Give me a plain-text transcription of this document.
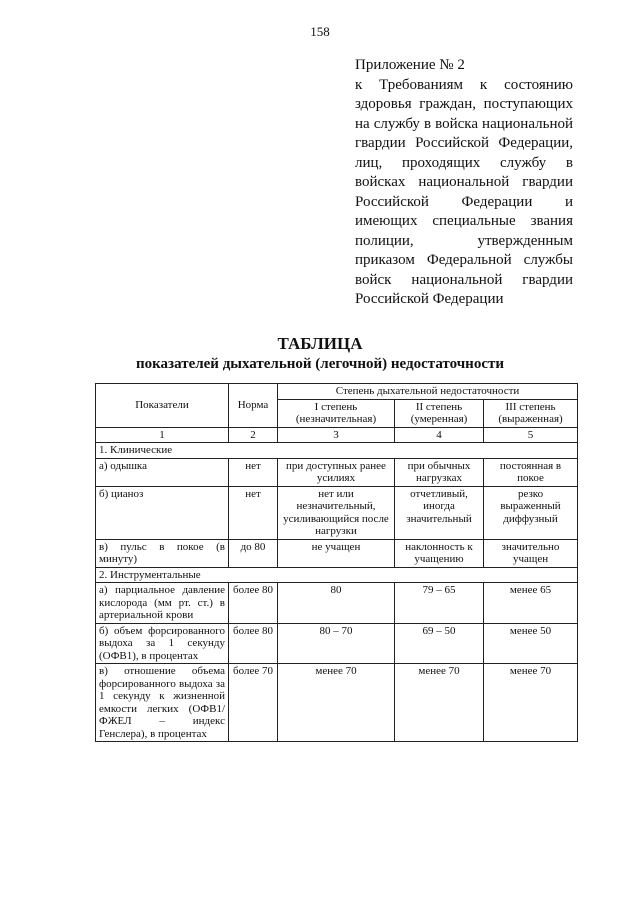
158

Приложение № 2

к Требованиям к состоянию здоровья граждан, поступающих на службу в войска национальной гвардии Российской Федерации, лиц, проходящих службу в войсках национальной гвардии Российской Федерации и имеющих специальные звания полиции, утвержденным приказом Федеральной службы войск национальной гвардии Российской Федерации

ТАБЛИЦА
показателей дыхательной (легочной) недостаточности
Показатели	Норма	Степень дыхательной недостаточности		
		I степень (незначительная)	II степень (умеренная)	III степень (выраженная)
1	2	3	4	5
1. Клинические				
а) одышка	нет	при доступных ранее усилиях	при обычных нагрузках	постоянная в покое
б) цианоз	нет	нет или незначительный, усиливающийся после нагрузки	отчетливый, иногда значительный	резко выраженный диффузный
в) пульс в покое (в минуту)	до 80	не учащен	наклонность к учащению	значительно учащен
2. Инструментальные				
а) парциальное давление кислорода (мм рт. ст.) в артериальной крови	более 80	80	79 – 65	менее 65
б) объем форсированного выдоха за 1 секунду (ОФВ1), в процентах	более 80	80 – 70	69 – 50	менее 50
в) отношение объема форсированного выдоха за 1 секунду к жизненной емкости легких (ОФВ1/ФЖЕЛ – индекс Генслера), в процентах	более 70	менее 70	менее 70	менее 70
